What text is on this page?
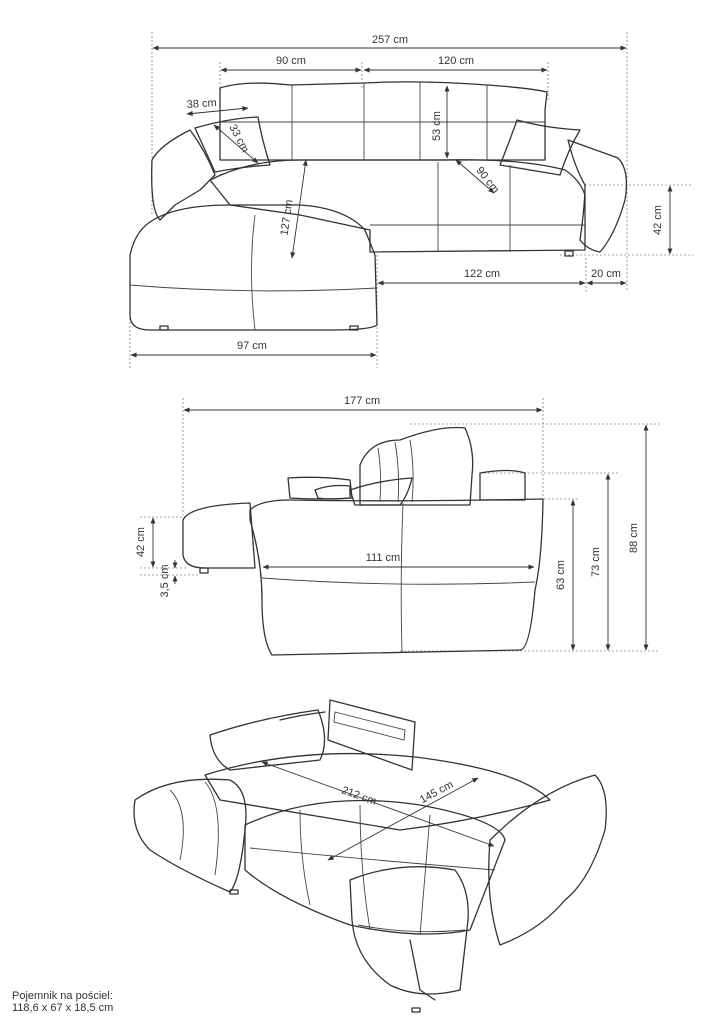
257 cm
90 cm	120 cm
38 cm
33 cm	53 cm
90 cm
127 cm	42 cm
122 cm	20 cm
97 cm
177 cm
42 cm
3,5 cm
111 cm
63 cm 73 cm
88 cm
212 cm	145 cm
Pojemnik na pościel:
118,6 x 67 x 18,5 cm
